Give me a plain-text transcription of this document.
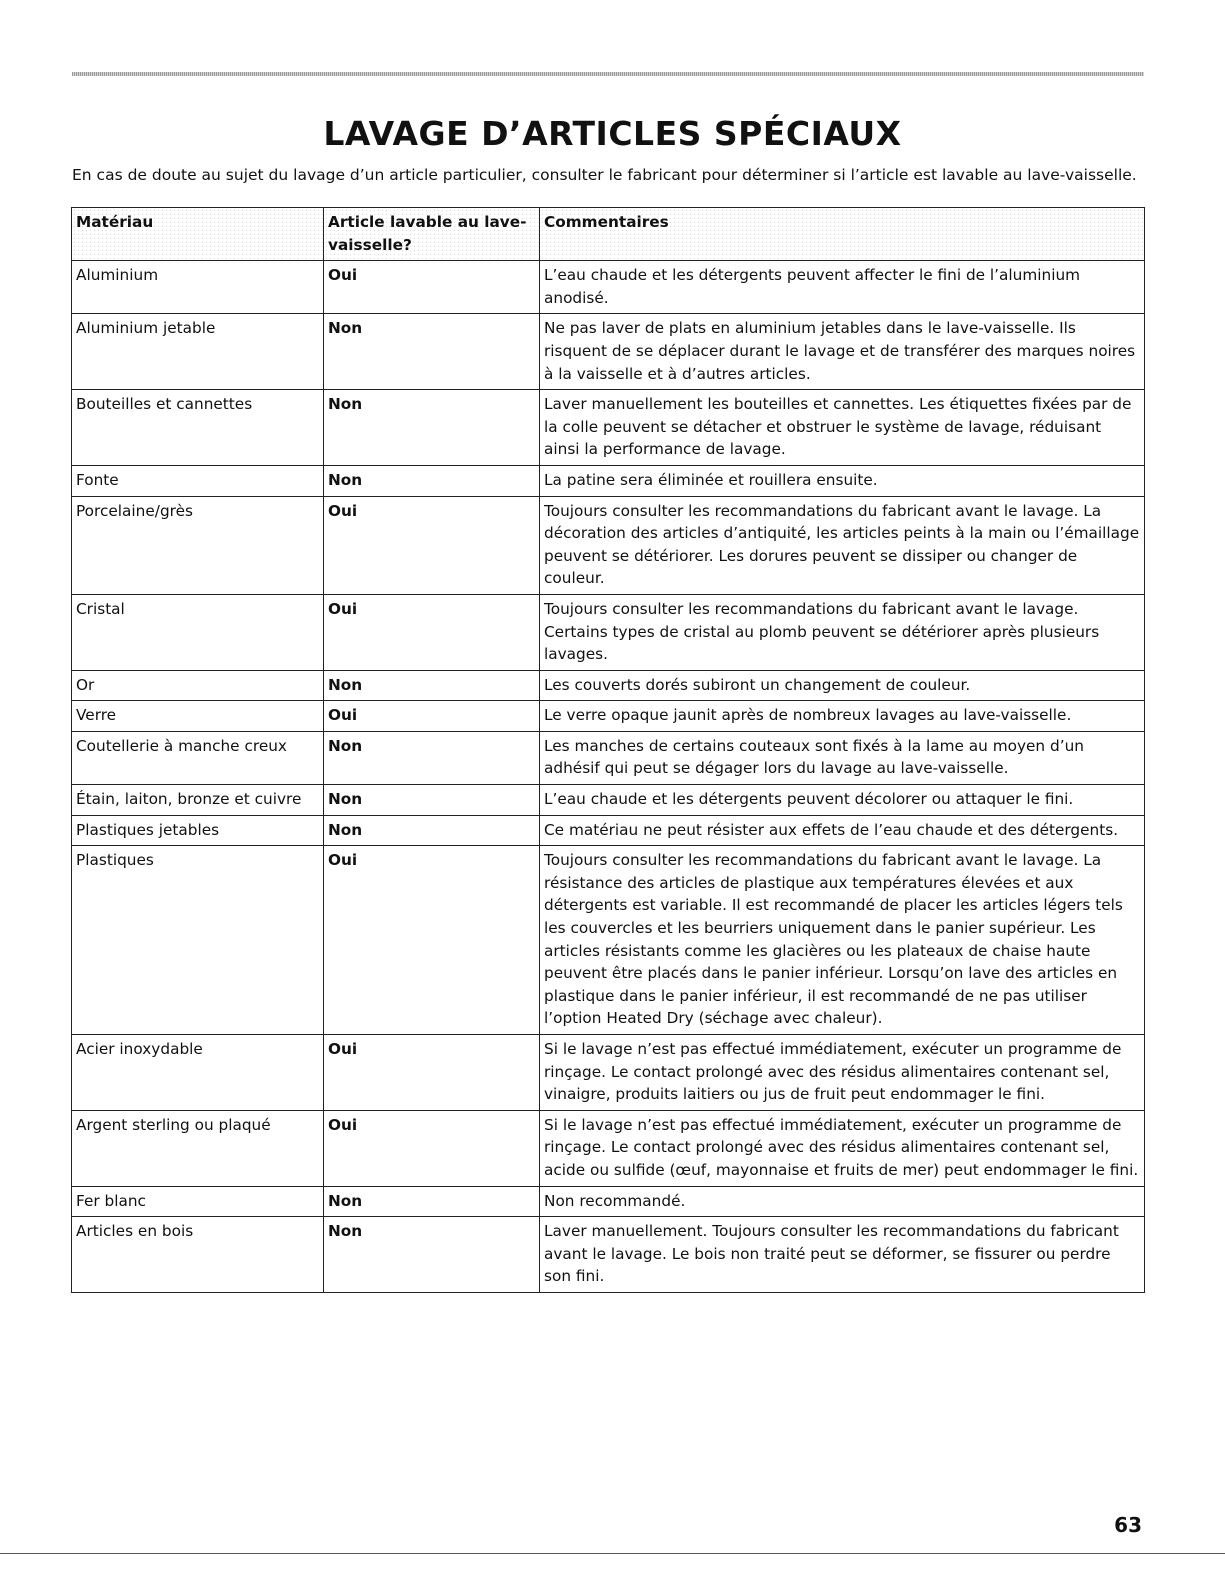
LAVAGE D’ARTICLES SPÉCIAUX

En cas de doute au sujet du lavage d’un article particulier, consulter le fabricant pour déterminer si l’article est lavable au lave-vaisselle.

Matériau	Article lavable au lave-vaisselle?	Commentaires
Aluminium	Oui	L’eau chaude et les détergents peuvent affecter le fini de l’aluminium anodisé.
Aluminium jetable	Non	Ne pas laver de plats en aluminium jetables dans le lave-vaisselle. Ils risquent de se déplacer durant le lavage et de transférer des marques noires à la vaisselle et à d’autres articles.
Bouteilles et cannettes	Non	Laver manuellement les bouteilles et cannettes. Les étiquettes fixées par de la colle peuvent se détacher et obstruer le système de lavage, réduisant ainsi la performance de lavage.
Fonte	Non	La patine sera éliminée et rouillera ensuite.
Porcelaine/grès	Oui	Toujours consulter les recommandations du fabricant avant le lavage. La décoration des articles d’antiquité, les articles peints à la main ou l’émaillage peuvent se détériorer. Les dorures peuvent se dissiper ou changer de couleur.
Cristal	Oui	Toujours consulter les recommandations du fabricant avant le lavage. Certains types de cristal au plomb peuvent se détériorer après plusieurs lavages.
Or	Non	Les couverts dorés subiront un changement de couleur.
Verre	Oui	Le verre opaque jaunit après de nombreux lavages au lave-vaisselle.
Coutellerie à manche creux	Non	Les manches de certains couteaux sont fixés à la lame au moyen d’un adhésif qui peut se dégager lors du lavage au lave-vaisselle.
Étain, laiton, bronze et cuivre	Non	L’eau chaude et les détergents peuvent décolorer ou attaquer le fini.
Plastiques jetables	Non	Ce matériau ne peut résister aux effets de l’eau chaude et des détergents.
Plastiques	Oui	Toujours consulter les recommandations du fabricant avant le lavage. La résistance des articles de plastique aux températures élevées et aux détergents est variable. Il est recommandé de placer les articles légers tels les couvercles et les beurriers uniquement dans le panier supérieur. Les articles résistants comme les glacières ou les plateaux de chaise haute peuvent être placés dans le panier inférieur. Lorsqu’on lave des articles en plastique dans le panier inférieur, il est recommandé de ne pas utiliser l’option Heated Dry (séchage avec chaleur).
Acier inoxydable	Oui	Si le lavage n’est pas effectué immédiatement, exécuter un programme de rinçage. Le contact prolongé avec des résidus alimentaires contenant sel, vinaigre, produits laitiers ou jus de fruit peut endommager le fini.
Argent sterling ou plaqué	Oui	Si le lavage n’est pas effectué immédiatement, exécuter un programme de rinçage. Le contact prolongé avec des résidus alimentaires contenant sel, acide ou sulfide (œuf, mayonnaise et fruits de mer) peut endommager le fini.
Fer blanc	Non	Non recommandé.
Articles en bois	Non	Laver manuellement. Toujours consulter les recommandations du fabricant avant le lavage. Le bois non traité peut se déformer, se fissurer ou perdre son fini.
63
